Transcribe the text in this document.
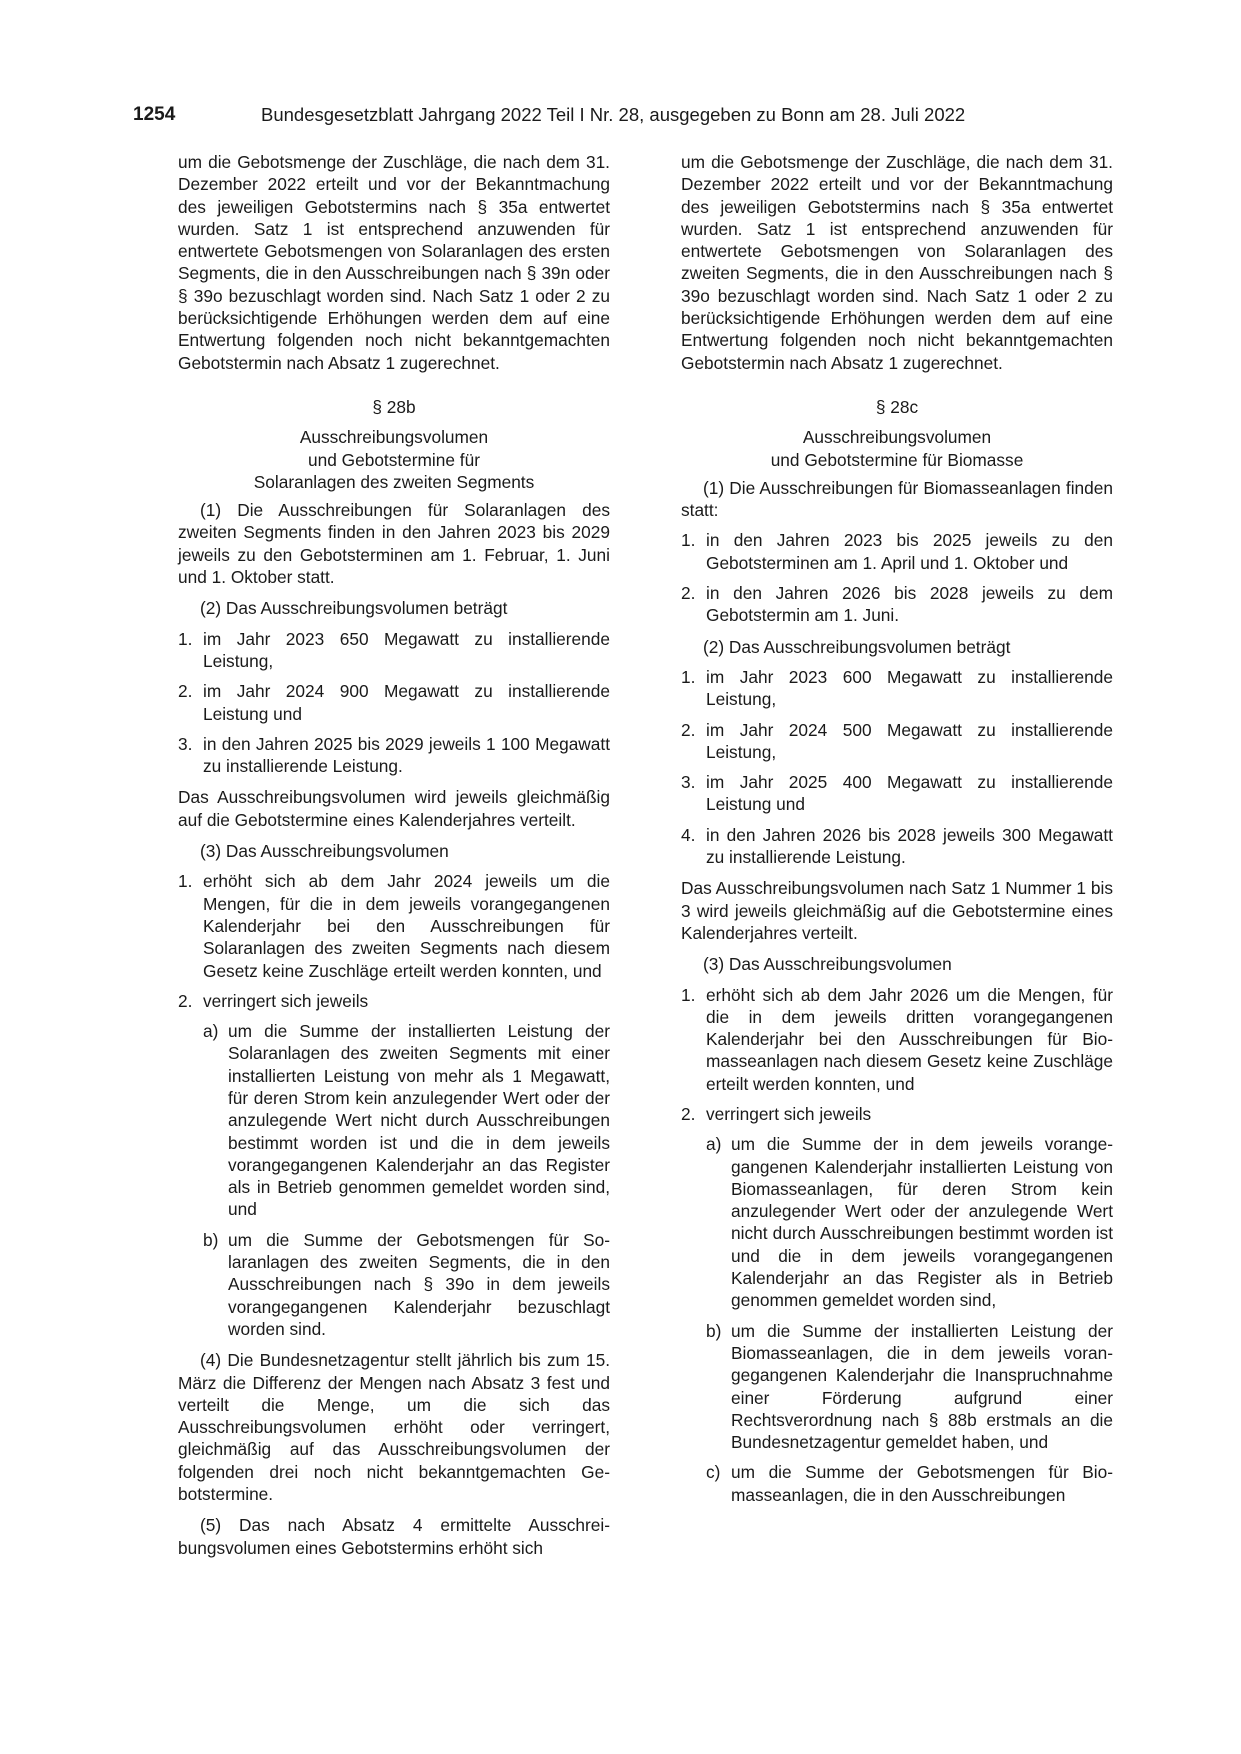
1254	Bundesgesetzblatt Jahrgang 2022 Teil I Nr. 28, ausgegeben zu Bonn am 28. Juli 2022

um die Gebotsmenge der Zuschläge, die nach dem 31. Dezember 2022 erteilt und vor der Bekanntmachung des jeweiligen Gebotstermins nach § 35a entwertet wurden. Satz 1 ist entsprechend anzuwenden für entwertete Gebotsmengen von Solaranlagen des ersten Segments, die in den Ausschreibungen nach § 39n oder § 39o bezuschlagt worden sind. Nach Satz 1 oder 2 zu berücksichtigende Erhöhungen werden dem auf eine Entwertung folgenden noch nicht bekanntgemachten Gebotstermin nach Absatz 1 zugerechnet.

§ 28b

Ausschreibungsvolumen
und Gebotstermine für
Solaranlagen des zweiten Segments

(1) Die Ausschreibungen für Solaranlagen des zweiten Segments finden in den Jahren 2023 bis 2029 jeweils zu den Gebotsterminen am 1. Februar, 1. Juni und 1. Oktober statt.

(2) Das Ausschreibungsvolumen beträgt

1. im Jahr 2023 650 Megawatt zu installierende Leistung,
2. im Jahr 2024 900 Megawatt zu installierende Leistung und
3. in den Jahren 2025 bis 2029 jeweils 1 100 Megawatt zu installierende Leistung.

Das Ausschreibungsvolumen wird jeweils gleichmäßig auf die Gebotstermine eines Kalenderjahres verteilt.

(3) Das Ausschreibungsvolumen

1. erhöht sich ab dem Jahr 2024 jeweils um die Mengen, für die in dem jeweils vorangegangenen Kalenderjahr bei den Ausschreibungen für Solaranlagen des zweiten Segments nach diesem Gesetz keine Zuschläge erteilt werden konnten, und
2. verringert sich jeweils
a) um die Summe der installierten Leistung der Solaranlagen des zweiten Segments mit einer installierten Leistung von mehr als 1 Megawatt, für deren Strom kein anzulegender Wert oder der anzulegende Wert nicht durch Ausschreibungen bestimmt worden ist und die in dem jeweils vorangegangenen Kalenderjahr an das Register als in Betrieb genommen gemeldet worden sind, und
b) um die Summe der Gebotsmengen für Solaranlagen des zweiten Segments, die in den Ausschreibungen nach § 39o in dem jeweils vorangegangenen Kalenderjahr bezuschlagt worden sind.

(4) Die Bundesnetzagentur stellt jährlich bis zum 15. März die Differenz der Mengen nach Absatz 3 fest und verteilt die Menge, um die sich das Ausschreibungsvolumen erhöht oder verringert, gleichmäßig auf das Ausschreibungsvolumen der folgenden drei noch nicht bekanntgemachten Gebotstermine.

(5) Das nach Absatz 4 ermittelte Ausschreibungsvolumen eines Gebotstermins erhöht sich

um die Gebotsmenge der Zuschläge, die nach dem 31. Dezember 2022 erteilt und vor der Bekanntmachung des jeweiligen Gebotstermins nach § 35a entwertet wurden. Satz 1 ist entsprechend anzuwenden für entwertete Gebotsmengen von Solaranlagen des zweiten Segments, die in den Ausschreibungen nach § 39o bezuschlagt worden sind. Nach Satz 1 oder 2 zu berücksichtigende Erhöhungen werden dem auf eine Entwertung folgenden noch nicht bekanntgemachten Gebotstermin nach Absatz 1 zugerechnet.

§ 28c

Ausschreibungsvolumen
und Gebotstermine für Biomasse

(1) Die Ausschreibungen für Biomasseanlagen finden statt:

1. in den Jahren 2023 bis 2025 jeweils zu den Gebotsterminen am 1. April und 1. Oktober und
2. in den Jahren 2026 bis 2028 jeweils zu dem Gebotstermin am 1. Juni.

(2) Das Ausschreibungsvolumen beträgt

1. im Jahr 2023 600 Megawatt zu installierende Leistung,
2. im Jahr 2024 500 Megawatt zu installierende Leistung,
3. im Jahr 2025 400 Megawatt zu installierende Leistung und
4. in den Jahren 2026 bis 2028 jeweils 300 Megawatt zu installierende Leistung.

Das Ausschreibungsvolumen nach Satz 1 Nummer 1 bis 3 wird jeweils gleichmäßig auf die Gebotstermine eines Kalenderjahres verteilt.

(3) Das Ausschreibungsvolumen

1. erhöht sich ab dem Jahr 2026 um die Mengen, für die in dem jeweils dritten vorangegangenen Kalenderjahr bei den Ausschreibungen für Biomasseanlagen nach diesem Gesetz keine Zuschläge erteilt werden konnten, und
2. verringert sich jeweils
a) um die Summe der in dem jeweils vorangegangenen Kalenderjahr installierten Leistung von Biomasseanlagen, für deren Strom kein anzulegender Wert oder der anzulegende Wert nicht durch Ausschreibungen bestimmt worden ist und die in dem jeweils vorangegangenen Kalenderjahr an das Register als in Betrieb genommen gemeldet worden sind,
b) um die Summe der installierten Leistung der Biomasseanlagen, die in dem jeweils vorangegangenen Kalenderjahr die Inanspruchnahme einer Förderung aufgrund einer Rechtsverordnung nach § 88b erstmals an die Bundesnetzagentur gemeldet haben, und
c) um die Summe der Gebotsmengen für Biomasseanlagen, die in den Ausschreibungen
